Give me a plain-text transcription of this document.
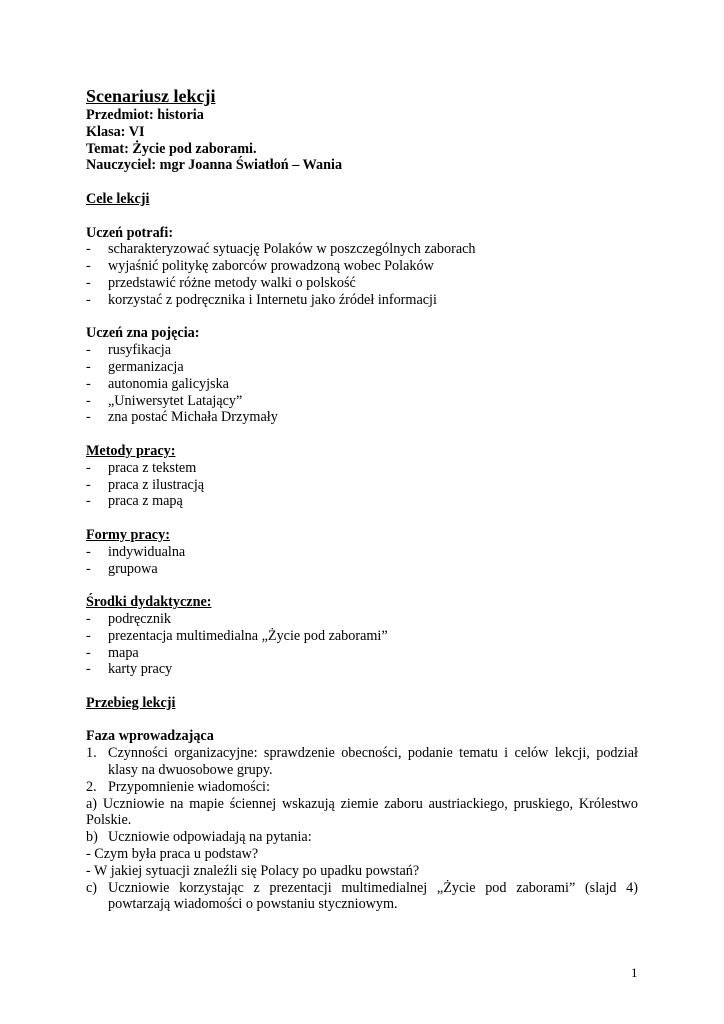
Scenariusz lekcji
Przedmiot: historia
Klasa: VI
Temat: Życie pod zaborami.
Nauczyciel: mgr Joanna Światłoń – Wania
Cele lekcji
Uczeń potrafi:
- scharakteryzować sytuację Polaków w poszczególnych zaborach
- wyjaśnić politykę zaborców prowadzoną wobec Polaków
- przedstawić różne metody walki o polskość
- korzystać z podręcznika i Internetu jako źródeł informacji
Uczeń zna pojęcia:
- rusyfikacja
- germanizacja
- autonomia galicyjska
- „Uniwersytet Latający”
- zna postać Michała Drzymały
Metody pracy:
- praca z tekstem
- praca z ilustracją
- praca z mapą
Formy pracy:
- indywidualna
- grupowa
Środki dydaktyczne:
- podręcznik
- prezentacja multimedialna „Życie pod zaborami”
- mapa
- karty pracy
Przebieg lekcji
Faza wprowadzająca
1. Czynności organizacyjne: sprawdzenie obecności, podanie tematu i celów lekcji, podział klasy na dwuosobowe grupy.
2. Przypomnienie wiadomości:
a) Uczniowie na mapie ściennej wskazują ziemie zaboru austriackiego, pruskiego, Królestwo Polskie.
b) Uczniowie odpowiadają na pytania:
- Czym była praca u podstaw?
- W jakiej sytuacji znaleźli się Polacy po upadku powstań?
c) Uczniowie korzystając z prezentacji multimedialnej „Życie pod zaborami” (slajd 4) powtarzają wiadomości o powstaniu styczniowym.
1
